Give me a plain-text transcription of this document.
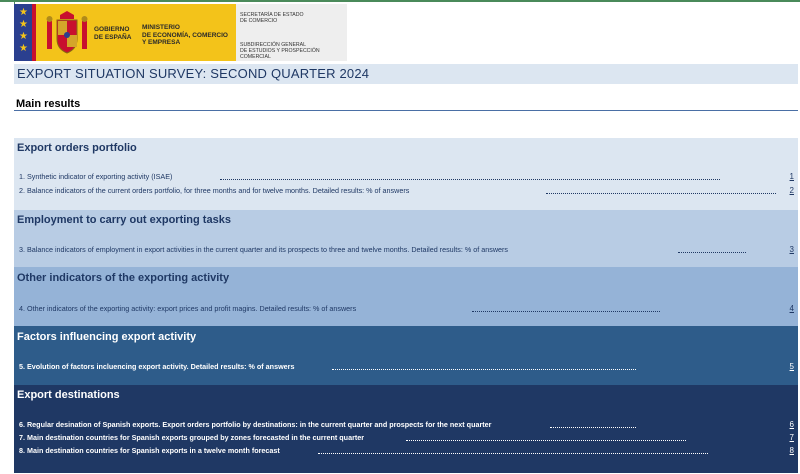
★
★
★
★
GOBIERNO
DE ESPAÑA
MINISTERIO
DE ECONOMÍA, COMERCIO
Y EMPRESA
SECRETARÍA DE ESTADO
DE COMERCIO
SUBDIRECCIÓN GENERAL
DE ESTUDIOS Y PROSPECCIÓN COMERCIAL
EXPORT SITUATION SURVEY: SECOND QUARTER 2024
Main results
Export orders portfolio
1. Synthetic indicator of exporting activity (ISAE)	1
2. Balance indicators of the current orders portfolio, for three months and for twelve months. Detailed results: % of answers	2
Employment to carry out exporting tasks
3. Balance indicators of employment in export activities in the current quarter and its prospects to three and twelve months. Detailed results: % of answers	3
Other indicators of the exporting activity
4. Other indicators of the exporting activity: export prices and profit magins. Detailed results: % of answers	4
Factors influencing export activity
5. Evolution of factors incluencing export activity. Detailed results: % of answers	5
Export destinations
6. Regular desination of Spanish exports. Export orders portfolio by destinations: in the current quarter and prospects for the next quarter	6
7. Main destination countries for Spanish exports grouped by zones forecasted in the current quarter	7
8. Main destination countries for Spanish exports in a twelve month forecast	8
